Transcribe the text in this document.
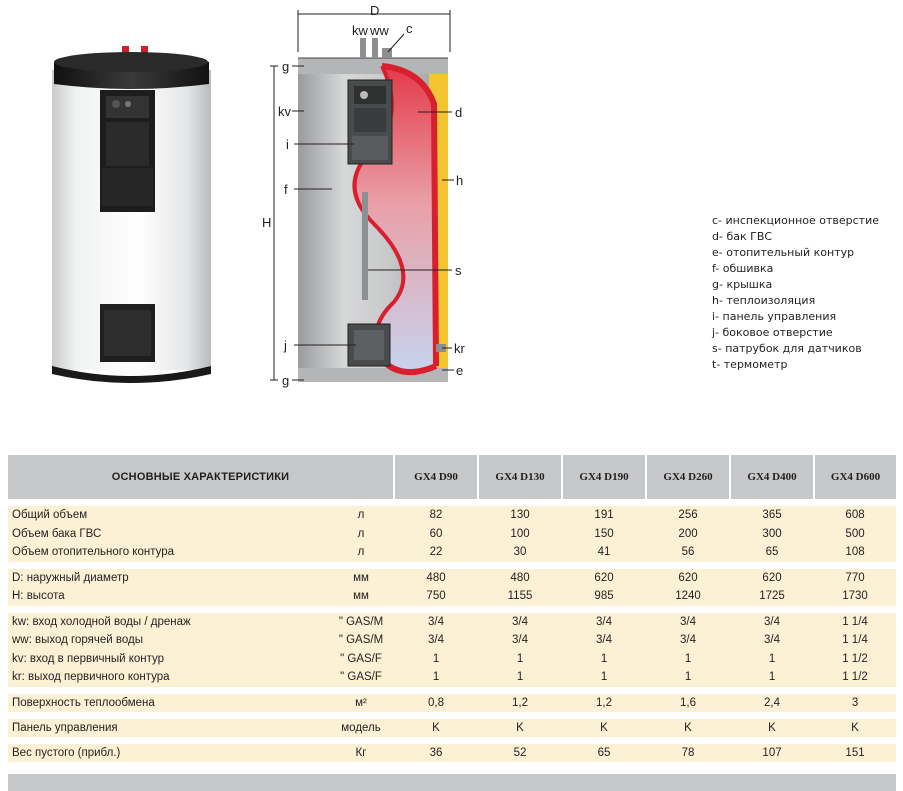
D
H
kw ww c
g
kv
i
f
j
g
d
h
s
kr
e
c- инспекционное отверстие
d- бак ГВС
e- отопительный контур
f- обшивка
g- крышка
h- теплоизоляция
i- панель управления
j- боковое отверстие
s- патрубок для датчиков
t- термометр
ОСНОВНЫЕ ХАРАКТЕРИСТИКИ		GX4 D90	GX4 D130	GX4 D190	GX4 D260	GX4 D400	GX4 D600

Общий объем	л	82	130	191	256	365	608
Объем бака ГВС	л	60	100	150	200	300	500
Объем отопительного контура	л	22	30	41	56	65	108

D: наружный диаметр	мм	480	480	620	620	620	770
H: высота	мм	750	1155	985	1240	1725	1730

kw: вход холодной воды / дренаж	" GAS/M	3/4	3/4	3/4	3/4	3/4	1 1/4
ww: выход горячей воды	" GAS/M	3/4	3/4	3/4	3/4	3/4	1 1/4
kv: вход в первичный контур	" GAS/F	1	1	1	1	1	1 1/2
kr: выход первичного контура	" GAS/F	1	1	1	1	1	1 1/2

Поверхность теплообмена	м²	0,8	1,2	1,2	1,6	2,4	3

Панель управления	модель	K	K	K	K	K	K

Вес пустого (прибл.)	Кг	36	52	65	78	107	151
